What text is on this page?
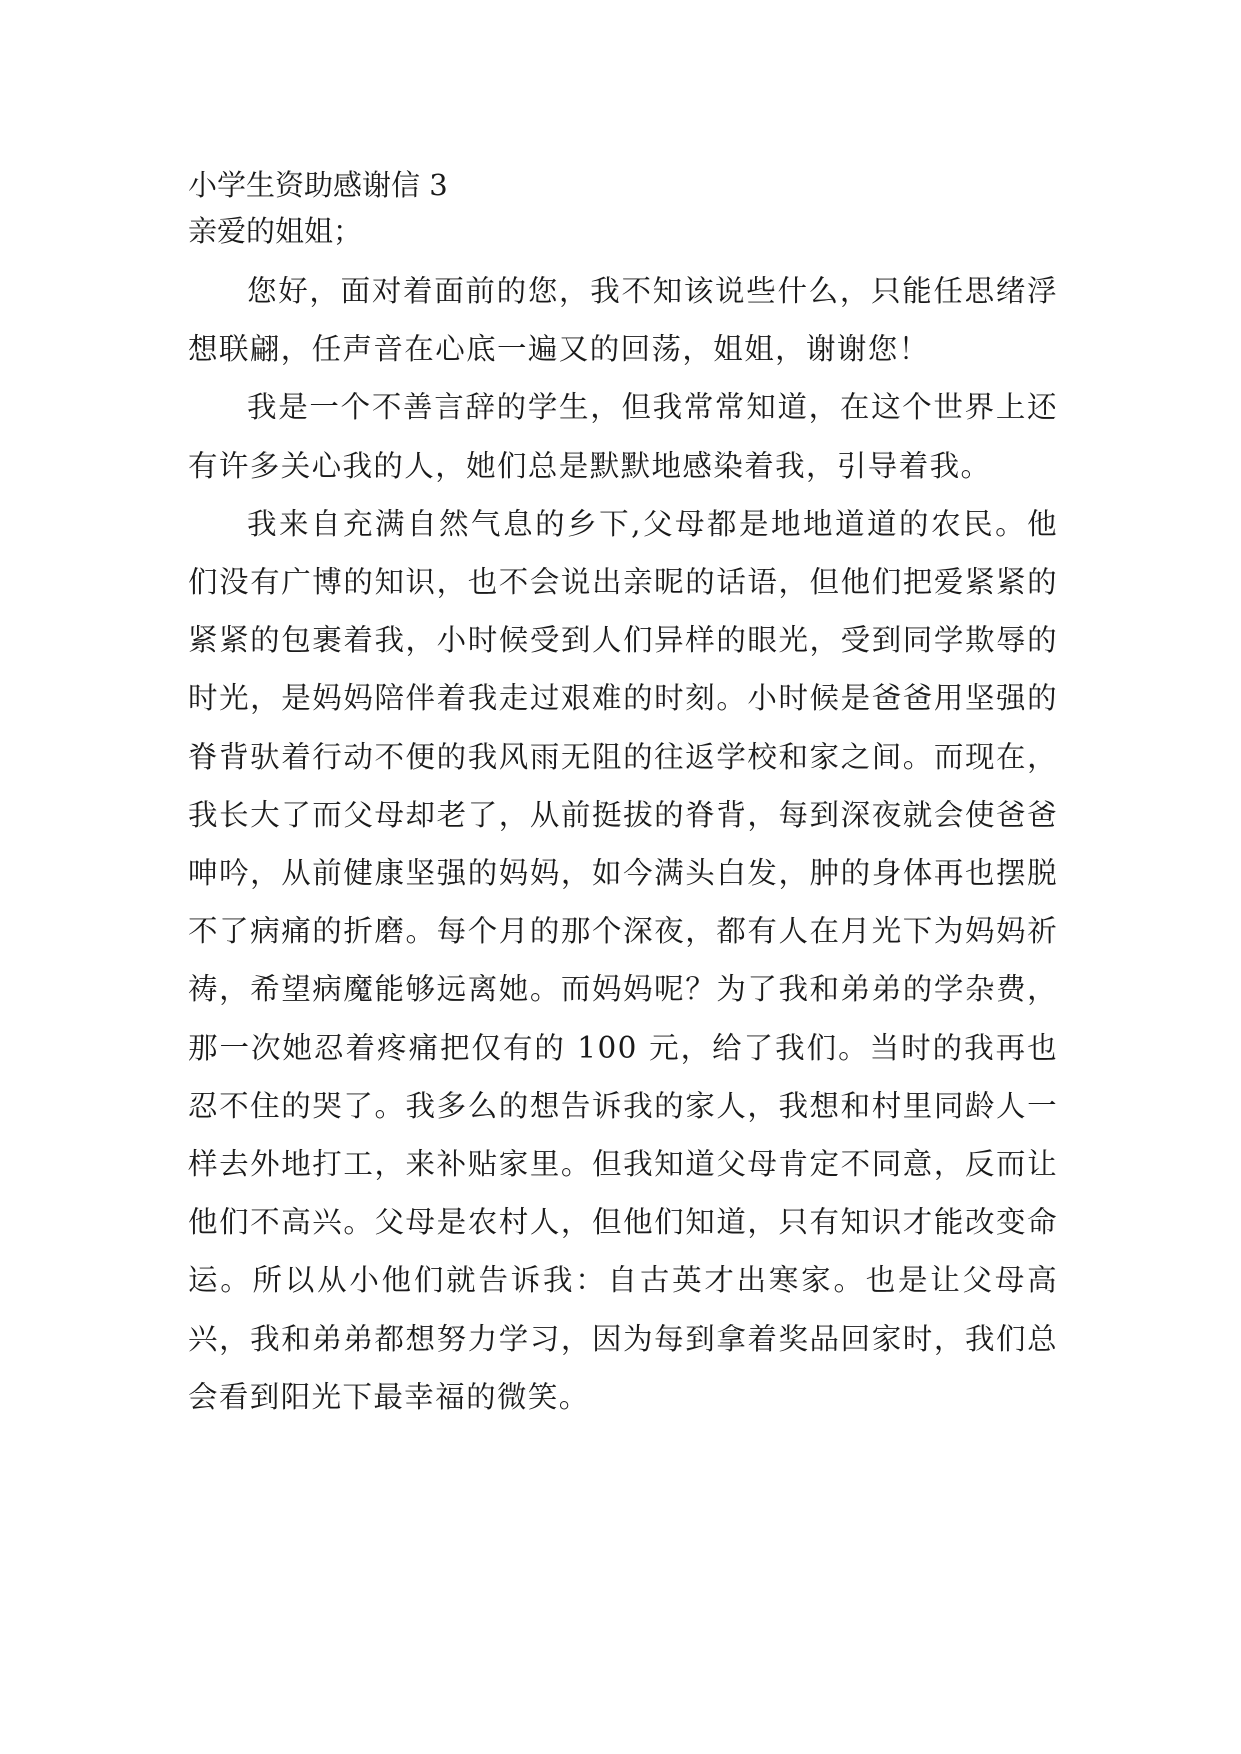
小学生资助感谢信 3
亲爱的姐姐；

您好，面对着面前的您，我不知该说些什么，只能任思绪浮想联翩，任声音在心底一遍又的回荡，姐姐，谢谢您！

我是一个不善言辞的学生，但我常常知道，在这个世界上还有许多关心我的人，她们总是默默地感染着我，引导着我。

我来自充满自然气息的乡下,父母都是地地道道的农民。他们没有广博的知识，也不会说出亲昵的话语，但他们把爱紧紧的紧紧的包裹着我，小时候受到人们异样的眼光，受到同学欺辱的时光，是妈妈陪伴着我走过艰难的时刻。小时候是爸爸用坚强的脊背驮着行动不便的我风雨无阻的往返学校和家之间。而现在，我长大了而父母却老了，从前挺拔的脊背，每到深夜就会使爸爸呻吟，从前健康坚强的妈妈，如今满头白发，肿的身体再也摆脱不了病痛的折磨。每个月的那个深夜，都有人在月光下为妈妈祈祷，希望病魔能够远离她。而妈妈呢？为了我和弟弟的学杂费，那一次她忍着疼痛把仅有的 100 元，给了我们。当时的我再也忍不住的哭了。我多么的想告诉我的家人，我想和村里同龄人一样去外地打工，来补贴家里。但我知道父母肯定不同意，反而让他们不高兴。父母是农村人，但他们知道，只有知识才能改变命运。所以从小他们就告诉我：自古英才出寒家。也是让父母高兴，我和弟弟都想努力学习，因为每到拿着奖品回家时，我们总会看到阳光下最幸福的微笑。
